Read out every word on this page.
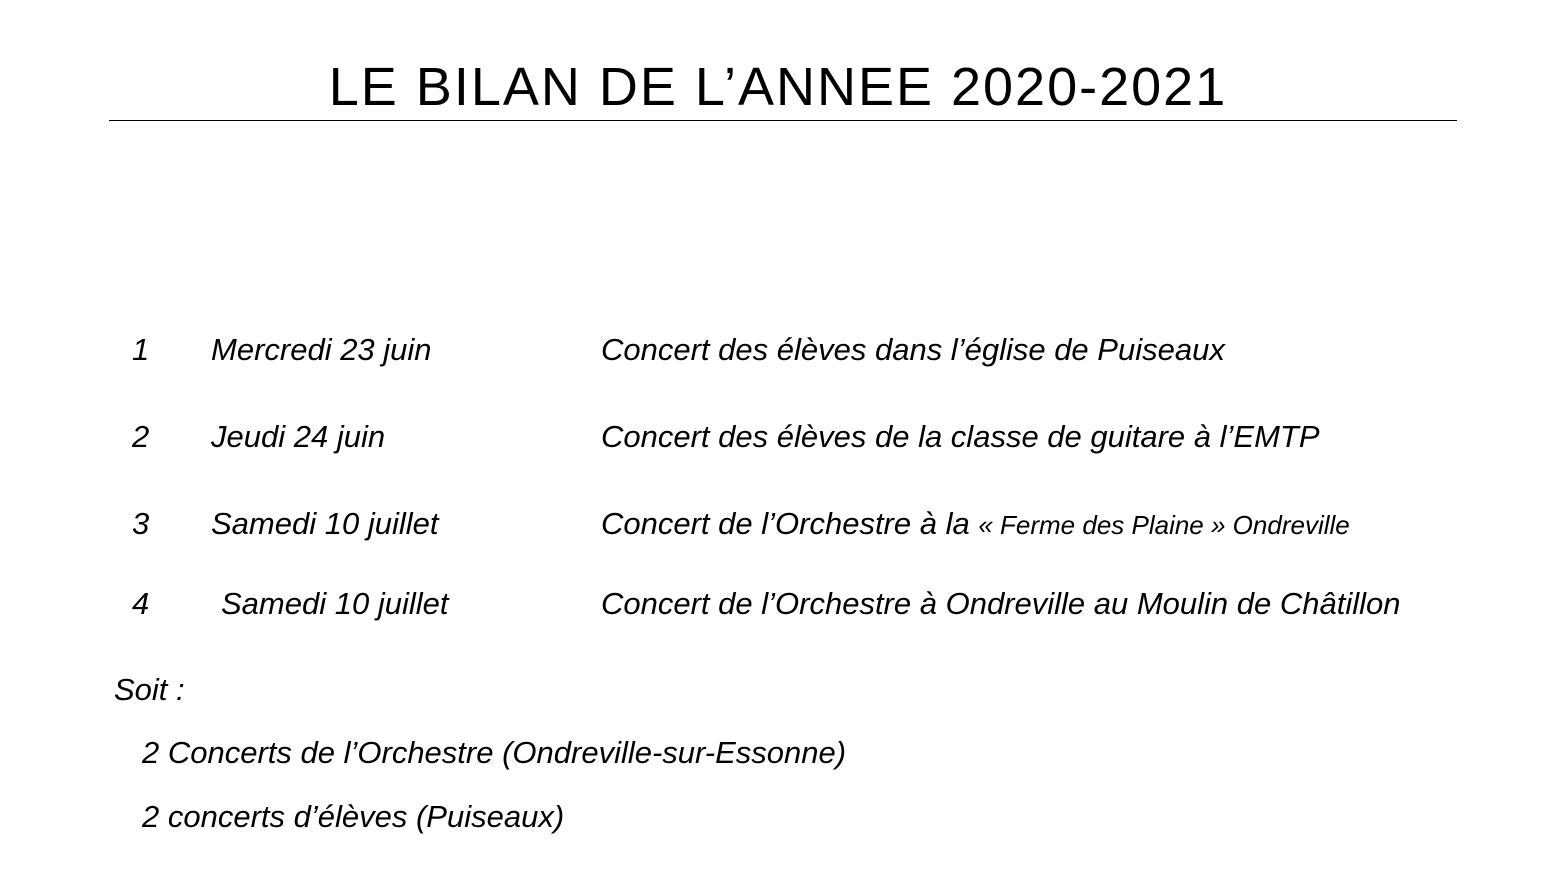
LE BILAN DE L’ANNEE 2020-2021
1 Mercredi 23 juin	Concert des élèves dans l’église de Puiseaux
2 Jeudi 24 juin	Concert des élèves de la classe de guitare à l’EMTP
3 Samedi 10 juillet	Concert de l’Orchestre à la « Ferme des Plaine » Ondreville
4 Samedi 10 juillet	Concert de l’Orchestre à Ondreville au Moulin de Châtillon
Soit :
2 Concerts de l’Orchestre (Ondreville-sur-Essonne)
2 concerts d’élèves (Puiseaux)
